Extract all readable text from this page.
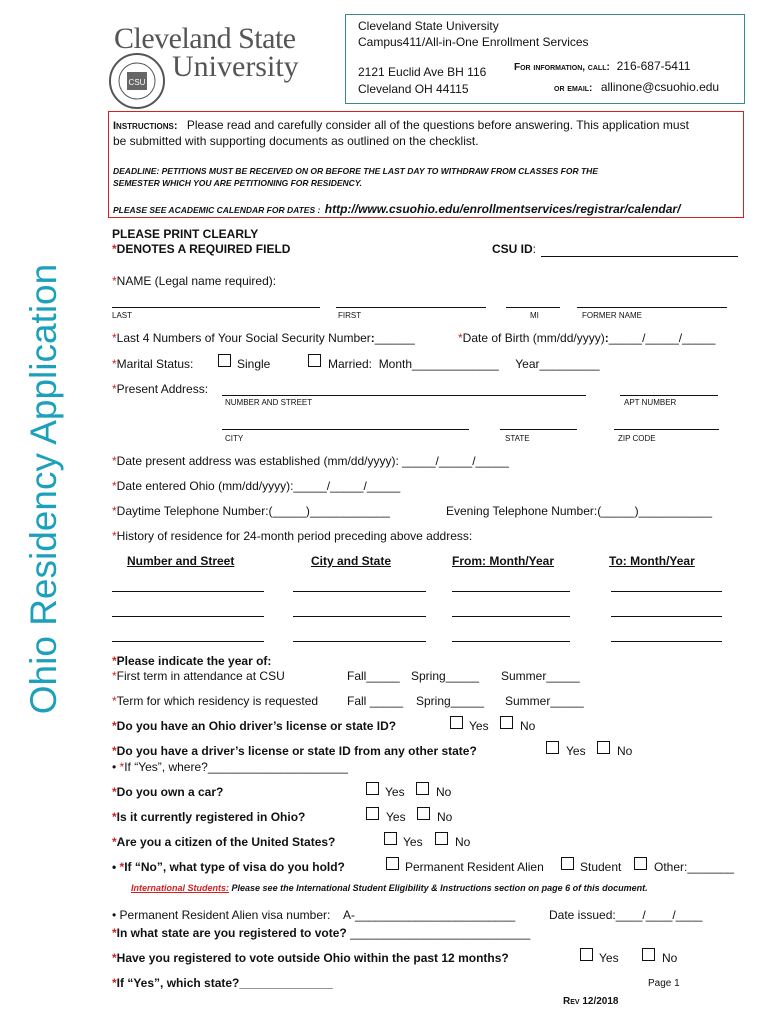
CSU
Cleveland State
University
Cleveland State University
Campus411/All-in-One Enrollment Services
2121 Euclid Ave BH 116
Cleveland OH 44115
For information, call: 216-687-5411
or email: allinone@csuohio.edu
Instructions: Please read and carefully consider all of the questions before answering. This application must
be submitted with supporting documents as outlined on the checklist.
DEADLINE: PETITIONS MUST BE RECEIVED ON OR BEFORE THE LAST DAY TO WITHDRAW FROM CLASSES FOR THE
SEMESTER WHICH YOU ARE PETITIONING FOR RESIDENCY.
PLEASE SEE ACADEMIC CALENDAR FOR DATES : http://www.csuohio.edu/enrollmentservices/registrar/calendar/
Ohio Residency Application
PLEASE PRINT CLEARLY
*DENOTES A REQUIRED FIELD	CSU ID:
*NAME (Legal name required):
LAST	FIRST	MI	FORMER NAME
*Last 4 Numbers of Your Social Security Number:______	*Date of Birth (mm/dd/yyyy):_____/_____/_____
*Marital Status:	Single	Married: Month_____________ Year_________
*Present Address:
NUMBER AND STREET	APT NUMBER
CITY	STATE	ZIP CODE
*Date present address was established (mm/dd/yyyy): _____/_____/_____
*Date entered Ohio (mm/dd/yyyy):_____/_____/_____
*Daytime Telephone Number:(_____)____________	Evening Telephone Number:(_____)___________
*History of residence for 24-month period preceding above address:
Number and Street	City and State	From: Month/Year	To: Month/Year
*Please indicate the year of:
*First term in attendance at CSU	Fall_____ Spring_____ Summer_____
*Term for which residency is requested Fall _____ Spring_____ Summer_____
*Do you have an Ohio driver’s license or state ID?	Yes	No
*Do you have a driver’s license or state ID from any other state?	Yes	No
• *If “Yes”, where?_____________________
*Do you own a car?	Yes	No
*Is it currently registered in Ohio?	Yes	No
*Are you a citizen of the United States?	Yes	No
• *If “No”, what type of visa do you hold?	Permanent Resident Alien	Student	Other:_______
International Students: Please see the International Student Eligibility & Instructions section on page 6 of this document.
• Permanent Resident Alien visa number: A-________________________	Date issued:____/____/____
*In what state are you registered to vote? ___________________________
*Have you registered to vote outside Ohio within the past 12 months?	Yes	No
*If “Yes”, which state?______________	Page 1
Rev 12/2018
